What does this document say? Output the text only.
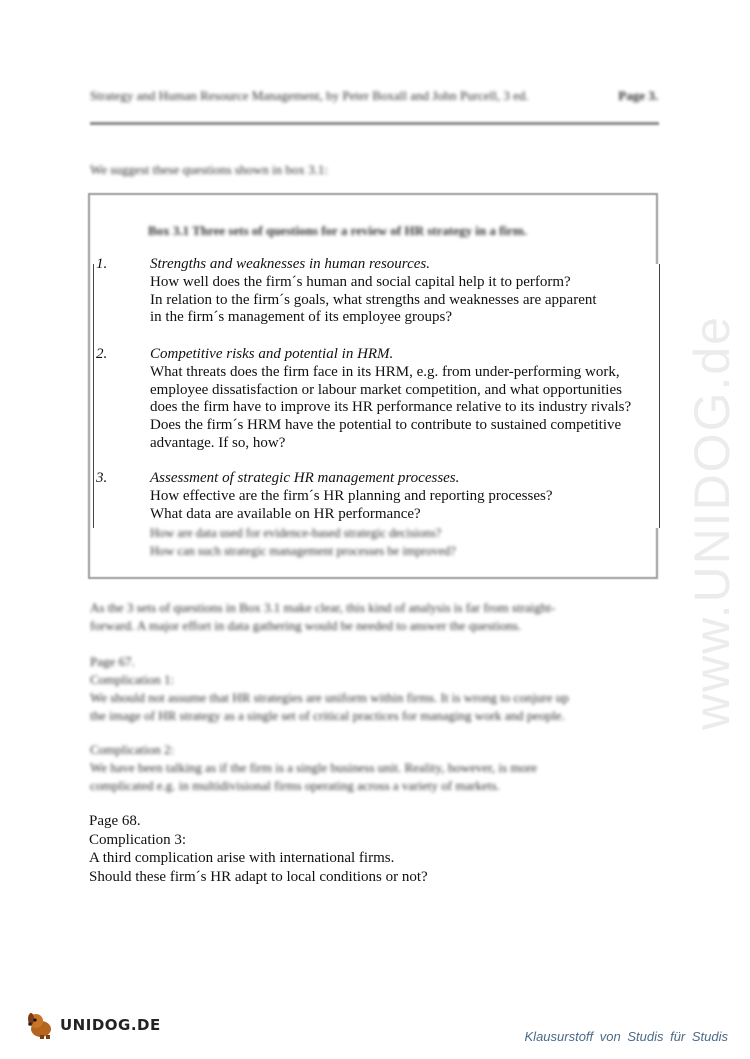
www.UNIDOG.de
Strategy and Human Resource Management, by Peter Boxall and John Purcell, 3 ed.	Page 3.
We suggest these questions shown in box 3.1:
Box 3.1 Three sets of questions for a review of HR strategy in a firm.
1.	Strengths and weaknesses in human resources.
How well does the firm´s human and social capital help it to perform?
In relation to the firm´s goals, what strengths and weaknesses are apparent
in the firm´s management of its employee groups?
2.	Competitive risks and potential in HRM.
What threats does the firm face in its HRM, e.g. from under-performing work,
employee dissatisfaction or labour market competition, and what opportunities
does the firm have to improve its HR performance relative to its industry rivals?
Does the firm´s HRM have the potential to contribute to sustained competitive
advantage. If so, how?
3.	Assessment of strategic HR management processes.
How effective are the firm´s HR planning and reporting processes?
What data are available on HR performance?
How are data used for evidence-based strategic decisions?
How can such strategic management processes be improved?
As the 3 sets of questions in Box 3.1 make clear, this kind of analysis is far from straight-
forward. A major effort in data gathering would be needed to answer the questions.
Page 67.
Complication 1:
We should not assume that HR strategies are uniform within firms. It is wrong to conjure up
the image of HR strategy as a single set of critical practices for managing work and people.
Complication 2:
We have been talking as if the firm is a single business unit. Reality, however, is more
complicated e.g. in multidivisional firms operating across a variety of markets.
Page 68.
Complication 3:
A third complication arise with international firms.
Should these firm´s HR adapt to local conditions or not?
UNIDOG.DE
Klausurstoff von Studis für Studis
